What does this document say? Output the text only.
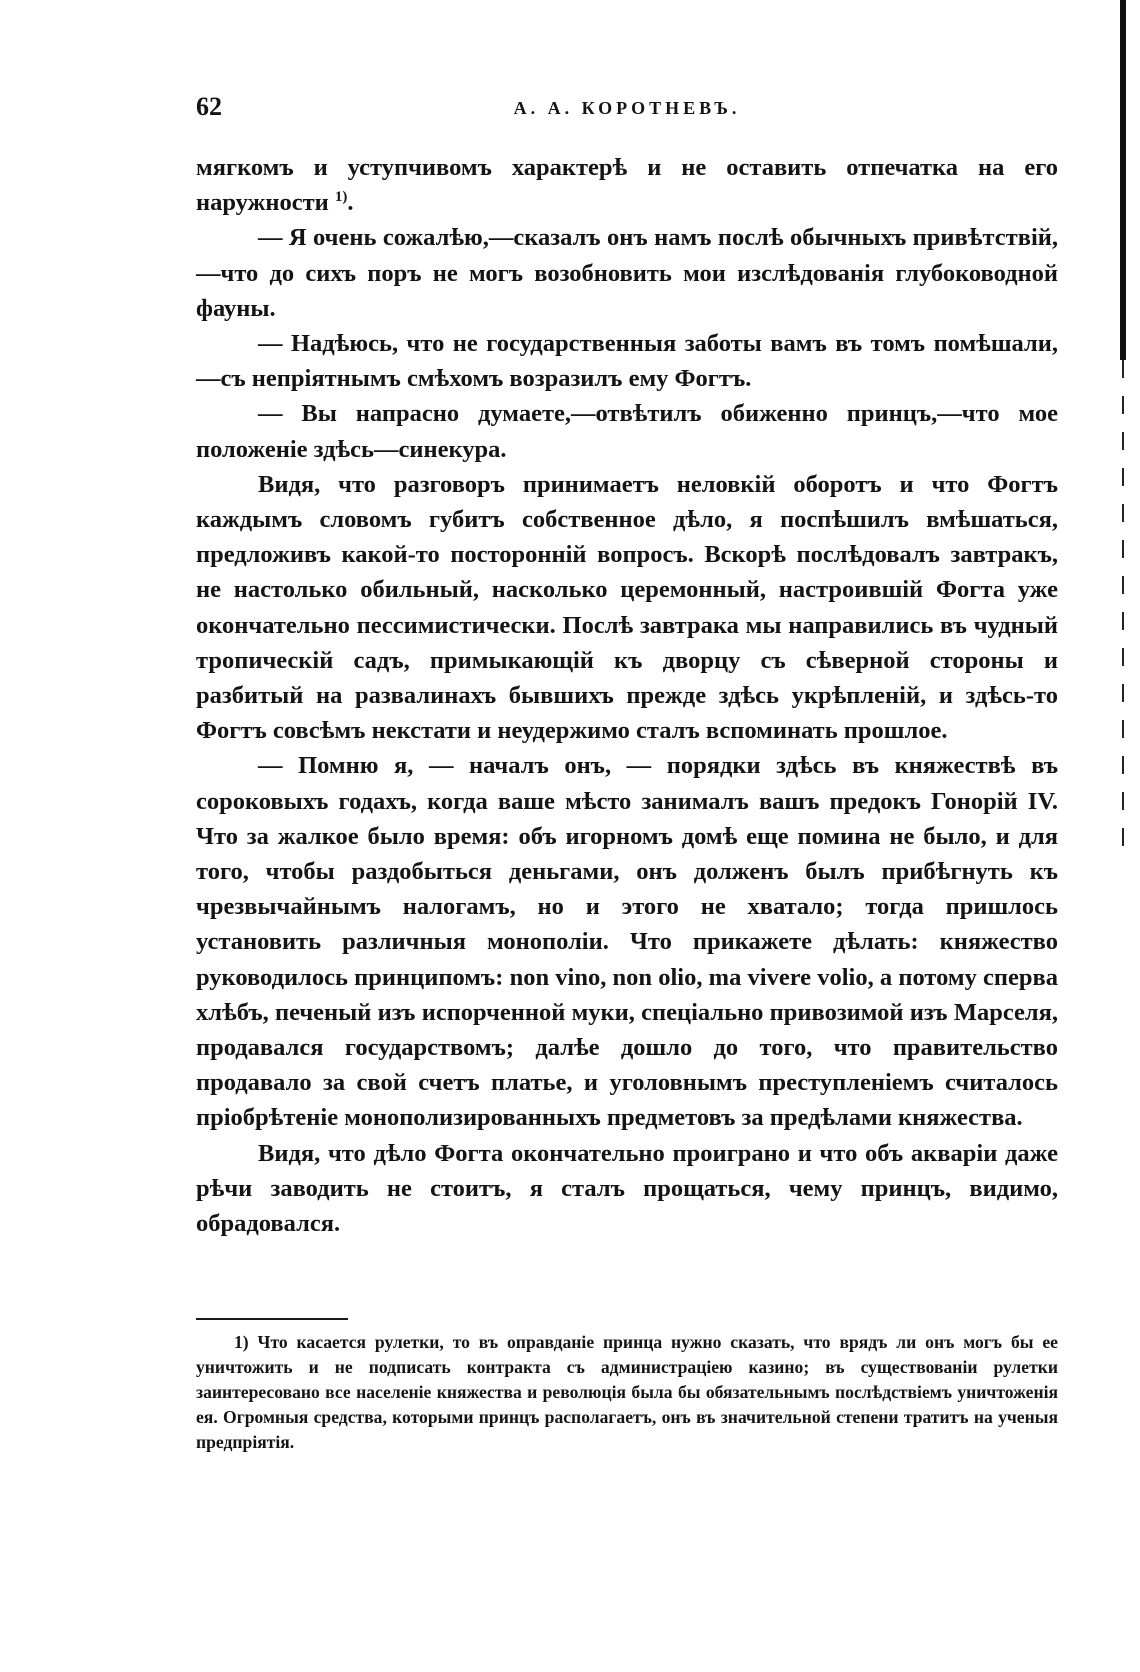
62	А. А. КОРОТНЕВЪ.

мягкомъ и уступчивомъ характерѣ и не оставить отпечатка на его наружности $^{1)}$.

— Я очень сожалѣю,—сказалъ онъ намъ послѣ обычныхъ привѣтствій,—что до сихъ поръ не могъ возобновить мои изслѣдованія глубоководной фауны.

— Надѣюсь, что не государственныя заботы вамъ въ томъ помѣшали,—съ непріятнымъ смѣхомъ возразилъ ему Фогтъ.

— Вы напрасно думаете,—отвѣтилъ обиженно принцъ,—что мое положеніе здѣсь—синекура.

Видя, что разговоръ принимаетъ неловкій оборотъ и что Фогтъ каждымъ словомъ губитъ собственное дѣло, я поспѣшилъ вмѣшаться, предложивъ какой-то посторонній вопросъ. Вскорѣ послѣдовалъ завтракъ, не настолько обильный, насколько церемонный, настроившій Фогта уже окончательно пессимистически. Послѣ завтрака мы направились въ чудный тропическій садъ, примыкающій къ дворцу съ сѣверной стороны и разбитый на развалинахъ бывшихъ прежде здѣсь укрѣпленій, и здѣсь-то Фогтъ совсѣмъ некстати и неудержимо сталъ вспоминать прошлое.

— Помню я, — началъ онъ, — порядки здѣсь въ княжествѣ въ сороковыхъ годахъ, когда ваше мѣсто занималъ вашъ предокъ Гонорій IV. Что за жалкое было время: объ игорномъ домѣ еще помина не было, и для того, чтобы раздобыться деньгами, онъ долженъ былъ прибѣгнуть къ чрезвычайнымъ налогамъ, но и этого не хватало; тогда пришлось установить различныя монополіи. Что прикажете дѣлать: княжество руководилось принципомъ: non vino, non olio, ma vivere volio, а потому сперва хлѣбъ, печеный изъ испорченной муки, спеціально привозимой изъ Марселя, продавался государствомъ; далѣе дошло до того, что правительство продавало за свой счетъ платье, и уголовнымъ преступленіемъ считалось пріобрѣтеніе монополизированныхъ предметовъ за предѣлами княжества.

Видя, что дѣло Фогта окончательно проиграно и что объ акваріи даже рѣчи заводить не стоитъ, я сталъ прощаться, чему принцъ, видимо, обрадовался.

1) Что касается рулетки, то въ оправданіе принца нужно сказать, что врядъ ли онъ могъ бы ее уничтожить и не подписать контракта съ администраціею казино; въ существованіи рулетки заинтересовано все населеніе княжества и революція была бы обязательнымъ послѣдствіемъ уничтоженія ея. Огромныя средства, которыми принцъ располагаетъ, онъ въ значительной степени тратитъ на ученыя предпріятія.
